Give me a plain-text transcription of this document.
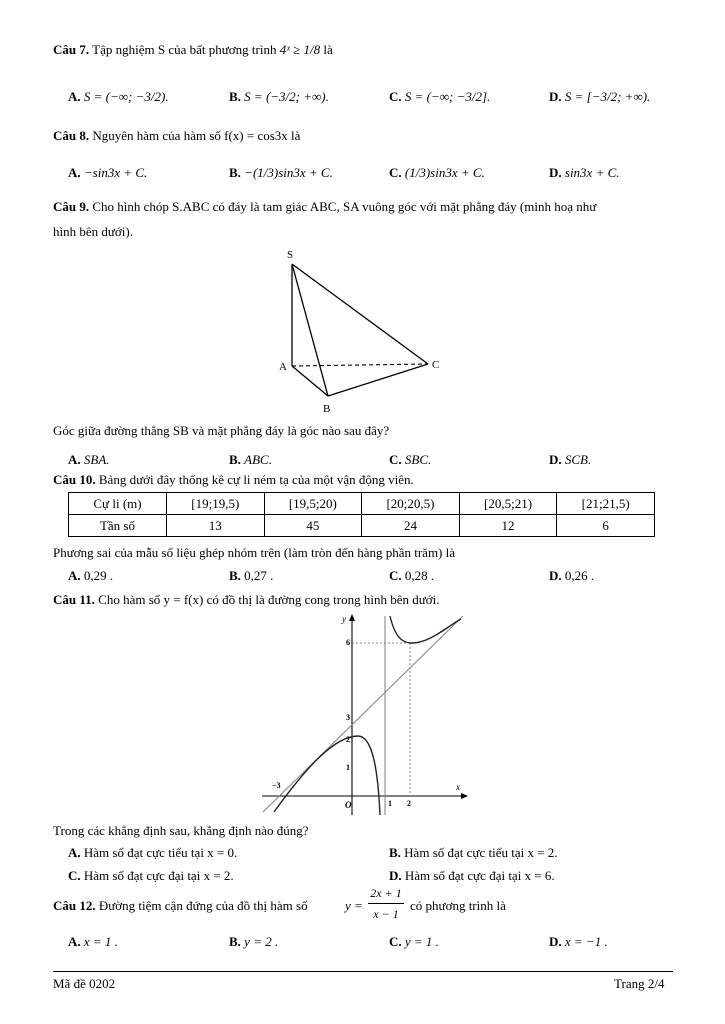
Câu 7. Tập nghiệm S của bất phương trình 4ˣ ≥ 1/8 là
A. S = (−∞; −3/2).	B. S = (−3/2; +∞).	C. S = (−∞; −3/2].	D. S = [−3/2; +∞).
Câu 8. Nguyên hàm của hàm số f(x) = cos3x là
A. −sin3x + C.	B. −(1/3)sin3x + C.	C. (1/3)sin3x + C.	D. sin3x + C.
Câu 9. Cho hình chóp S.ABC có đáy là tam giác ABC, SA vuông góc với mặt phẳng đáy (minh hoạ như
hình bên dưới).
S
A
B
C
Góc giữa đường thẳng SB và mặt phẳng đáy là góc nào sau đây?
A. SBA.	B. ABC.	C. SBC.	D. SCB.
Câu 10. Bảng dưới đây thống kê cự li ném tạ của một vận động viên.
Cự li (m)	[19;19,5)	[19,5;20)	[20;20,5)	[20,5;21)	[21;21,5)
Tần số	13	45	24	12	6
Phương sai của mẫu số liệu ghép nhóm trên (làm tròn đến hàng phần trăm) là
A. 0,29 .	B. 0,27 .	C. 0,28 .	D. 0,26 .
Câu 11. Cho hàm số y = f(x) có đồ thị là đường cong trong hình bên dưới.
y
x
O
6
3
2
1
−3
1 2
Trong các khẳng định sau, khẳng định nào đúng?
A. Hàm số đạt cực tiểu tại x = 0.	B. Hàm số đạt cực tiểu tại x = 2.
C. Hàm số đạt cực đại tại x = 2.	D. Hàm số đạt cực đại tại x = 6.
Câu 12. Đường tiệm cận đứng của đồ thị hàm số	y =
2x + 1
x − 1
có phương trình là
A. x = 1 .	B. y = 2 .	C. y = 1 .	D. x = −1 .
Mã đề 0202	Trang 2/4
